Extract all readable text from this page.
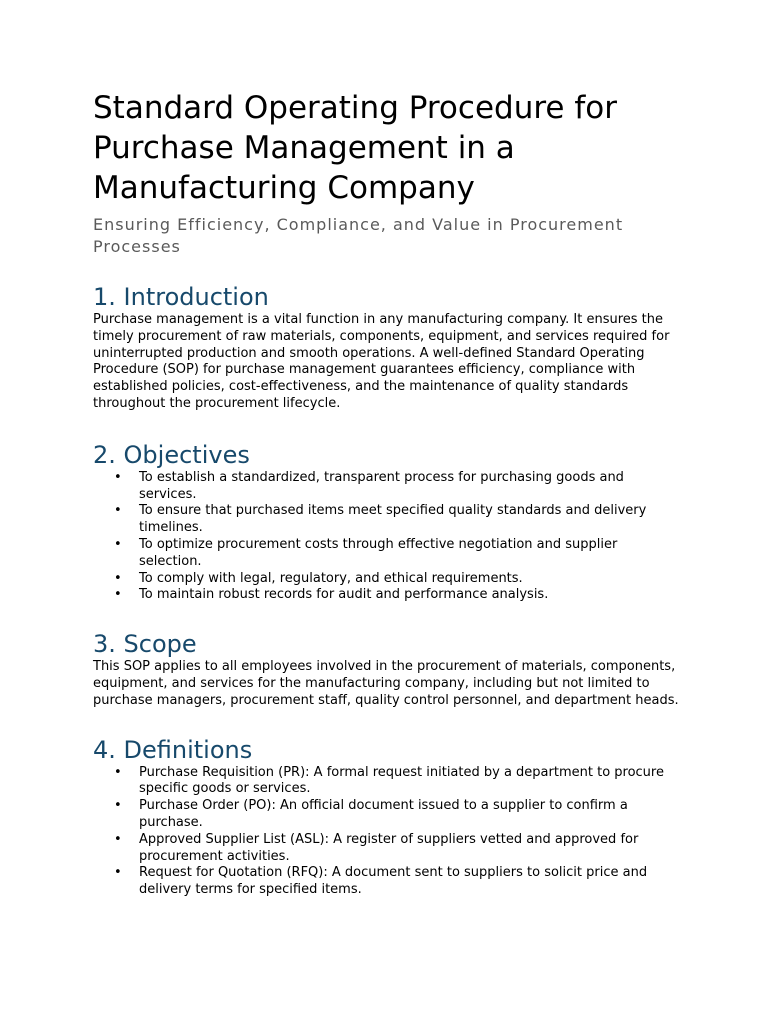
Standard Operating Procedure for Purchase Management in a Manufacturing Company
Ensuring Efficiency, Compliance, and Value in Procurement Processes
1. Introduction

Purchase management is a vital function in any manufacturing company. It ensures the timely procurement of raw materials, components, equipment, and services required for uninterrupted production and smooth operations. A well-defined Standard Operating Procedure (SOP) for purchase management guarantees efficiency, compliance with established policies, cost-effectiveness, and the maintenance of quality standards throughout the procurement lifecycle.

2. Objectives
• To establish a standardized, transparent process for purchasing goods and services.
• To ensure that purchased items meet specified quality standards and delivery timelines.
• To optimize procurement costs through effective negotiation and supplier selection.
• To comply with legal, regulatory, and ethical requirements.
• To maintain robust records for audit and performance analysis.
3. Scope

This SOP applies to all employees involved in the procurement of materials, components, equipment, and services for the manufacturing company, including but not limited to purchase managers, procurement staff, quality control personnel, and department heads.

4. Definitions
• Purchase Requisition (PR): A formal request initiated by a department to procure specific goods or services.
• Purchase Order (PO): An official document issued to a supplier to confirm a purchase.
• Approved Supplier List (ASL): A register of suppliers vetted and approved for procurement activities.
• Request for Quotation (RFQ): A document sent to suppliers to solicit price and delivery terms for specified items.
